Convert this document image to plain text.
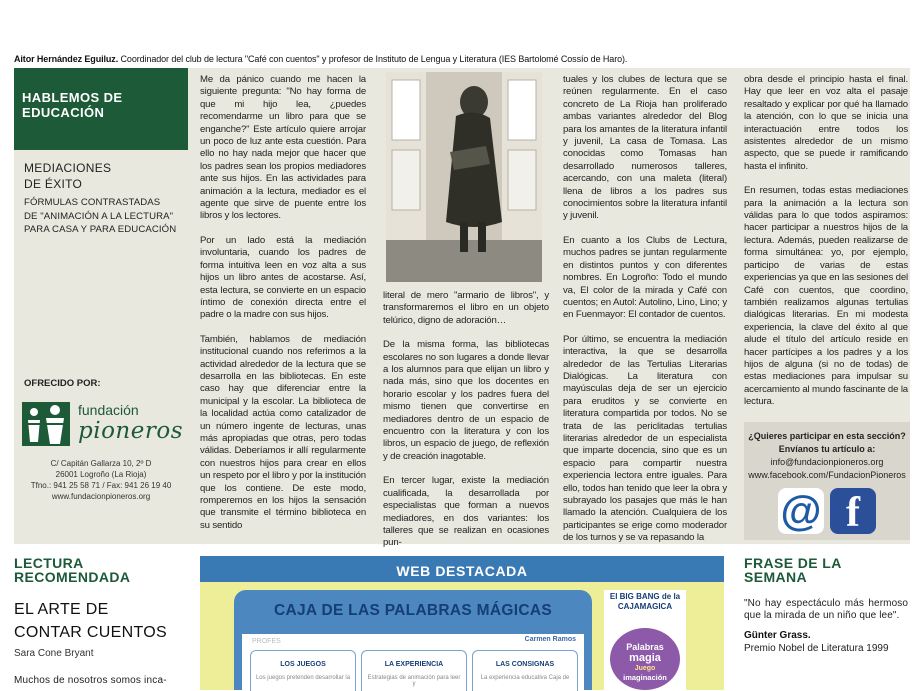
Aitor Hernández Eguiluz. Coordinador del club de lectura "Café con cuentos" y profesor de Instituto de Lengua y Literatura (IES Bartolomé Cossío de Haro).
HABLEMOS DE
EDUCACIÓN
MEDIACIONES
DE ÉXITO
FÓRMULAS CONTRASTADAS
DE "ANIMACIÓN A LA LECTURA"
PARA CASA Y PARA EDUCACIÓN
OFRECIDO POR:
fundación
pioneros
C/ Capitán Gallarza 10, 2º D
26001 Logroño (La Rioja)
Tfno.: 941 25 58 71 / Fax: 941 26 19 40
www.fundacionpioneros.org

Me da pánico cuando me hacen la siguiente pregunta: "No hay forma de que mi hijo lea, ¿puedes recomendarme un libro para que se enganche?" Este artículo quiere arrojar un poco de luz ante esta cuestión. Para ello no hay nada mejor que hacer que los padres sean los propios mediadores ante sus hijos. En las actividades para animación a la lectura, mediador es el agente que sirve de puente entre los libros y los lectores.

Por un lado está la mediación involuntaria, cuando los padres de forma intuitiva leen en voz alta a sus hijos un libro antes de acostarse. Así, esta lectura, se convierte en un espacio íntimo de conexión directa entre el padre o la madre con sus hijos.

También, hablamos de mediación institucional cuando nos referimos a la actividad alrededor de la lectura que se desarrolla en las bibliotecas. En este caso hay que diferenciar entre la municipal y la escolar. La biblioteca de la localidad actúa como catalizador de un número ingente de lecturas, unas más apropiadas que otras, pero todas válidas. Deberíamos ir allí regularmente con nuestros hijos para crear en ellos un respeto por el libro y por la institución que los contiene. De este modo, romperemos en los hijos la sensación que transmite el término biblioteca en su sentido

literal de mero "armario de libros", y transformaremos el libro en un objeto telúrico, digno de adoración…

De la misma forma, las bibliotecas escolares no son lugares a donde llevar a los alumnos para que elijan un libro y nada más, sino que los docentes en horario escolar y los padres fuera del mismo tienen que convertirse en mediadores dentro de un espacio de encuentro con la literatura y con los libros, un espacio de juego, de reflexión y de creación inagotable.

En tercer lugar, existe la mediación cualificada, la desarrollada por especialistas que forman a nuevos mediadores, en dos variantes: los talleres que se realizan en ocasiones pun-

tuales y los clubes de lectura que se reúnen regularmente. En el caso concreto de La Rioja han proliferado ambas variantes alrededor del Blog para los amantes de la literatura infantil y juvenil, La casa de Tomasa. Las conocidas como Tomasas han desarrollado numerosos talleres, acercando, con una maleta (literal) llena de libros a los padres sus conocimientos sobre la literatura infantil y juvenil.

En cuanto a los Clubs de Lectura, muchos padres se juntan regularmente en distintos puntos y con diferentes nombres. En Logroño: Todo el mundo va, El color de la mirada y Café con cuentos; en Autol: Autolino, Lino, Lino; y en Fuenmayor: El contador de cuentos.

Por último, se encuentra la mediación interactiva, la que se desarrolla alrededor de las Tertulias Literarias Dialógicas. La literatura con mayúsculas deja de ser un ejercicio para eruditos y se convierte en literatura compartida por todos. No se trata de las periclitadas tertulias literarias alrededor de un especialista que imparte docencia, sino que es un espacio para compartir nuestra experiencia lectora entre iguales. Para ello, todos han tenido que leer la obra y subrayado los pasajes que más le han llamado la atención. Cualquiera de los participantes se erige como moderador de los turnos y se va repasando la

obra desde el principio hasta el final. Hay que leer en voz alta el pasaje resaltado y explicar por qué ha llamado la atención, con lo que se inicia una interactuación entre todos los asistentes alrededor de un mismo aspecto, que se puede ir ramificando hasta el infinito.

En resumen, todas estas mediaciones para la animación a la lectura son válidas para lo que todos aspiramos: hacer participar a nuestros hijos de la lectura. Además, pueden realizarse de forma simultánea: yo, por ejemplo, participo de varias de estas experiencias ya que en las sesiones del Café con cuentos, que coordino, también realizamos algunas tertulias dialógicas literarias. En mi modesta experiencia, la clave del éxito al que alude el título del artículo reside en hacer partícipes a los padres y a los hijos de alguna (si no de todas) de estas mediaciones para impulsar su acercamiento al mundo fascinante de la lectura.

¿Quieres participar en esta sección?
Envíanos tu artículo a:
info@fundacionpioneros.org
www.facebook.com/FundacionPioneros
@ f
LECTURA
RECOMENDADA
EL ARTE DE
CONTAR CUENTOS
Sara Cone Bryant
Muchos de nosotros somos inca-
WEB DESTACADA
CAJA DE LAS PALABRAS MÁGICAS
PROFES	Carmen Ramos
LOS JUEGOS
Los juegos pretenden desarrollar la
LA EXPERIENCIA
Estrategias de animación para leer y
LAS CONSIGNAS
La experiencia educativa Caja de
El BIG BANG de la
CAJAMAGICA
Palabras
magia
Juego
imaginación
FRASE DE LA
SEMANA
"No hay espectáculo más hermoso que la mirada de un niño que lee".
Günter Grass.
Premio Nobel de Literatura 1999
